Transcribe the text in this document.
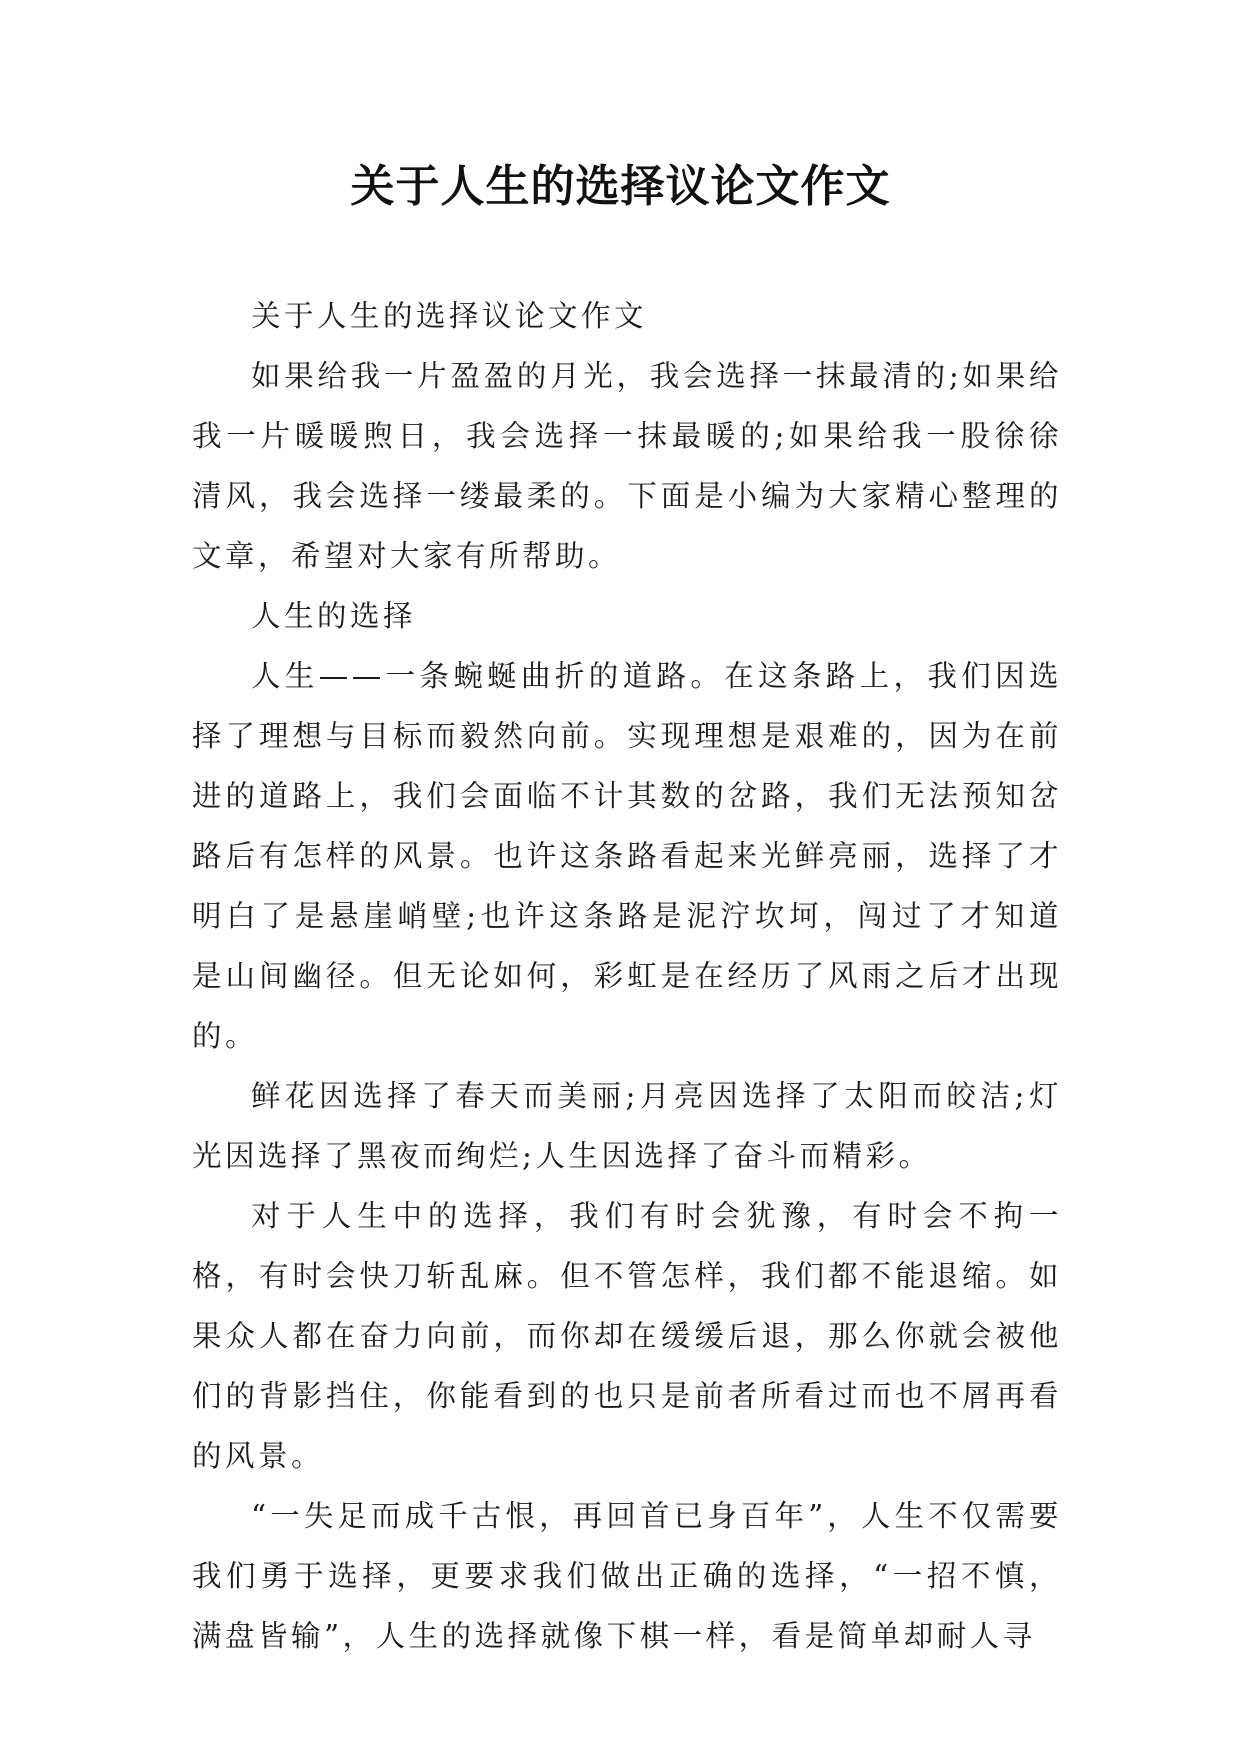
关于人生的选择议论文作文

关于人生的选择议论文作文

如果给我一片盈盈的月光，我会选择一抹最清的;如果给我一片暖暖煦日，我会选择一抹最暖的;如果给我一股徐徐清风，我会选择一缕最柔的。下面是小编为大家精心整理的文章，希望对大家有所帮助。

人生的选择

人生——一条蜿蜒曲折的道路。在这条路上，我们因选择了理想与目标而毅然向前。实现理想是艰难的，因为在前进的道路上，我们会面临不计其数的岔路，我们无法预知岔路后有怎样的风景。也许这条路看起来光鲜亮丽，选择了才明白了是悬崖峭壁;也许这条路是泥泞坎坷，闯过了才知道是山间幽径。但无论如何，彩虹是在经历了风雨之后才出现的。

鲜花因选择了春天而美丽;月亮因选择了太阳而皎洁;灯光因选择了黑夜而绚烂;人生因选择了奋斗而精彩。

对于人生中的选择，我们有时会犹豫，有时会不拘一格，有时会快刀斩乱麻。但不管怎样，我们都不能退缩。如果众人都在奋力向前，而你却在缓缓后退，那么你就会被他们的背影挡住，你能看到的也只是前者所看过而也不屑再看的风景。

“一失足而成千古恨，再回首已身百年”，人生不仅需要我们勇于选择，更要求我们做出正确的选择，“一招不慎，满盘皆输”，人生的选择就像下棋一样，看是简单却耐人寻
